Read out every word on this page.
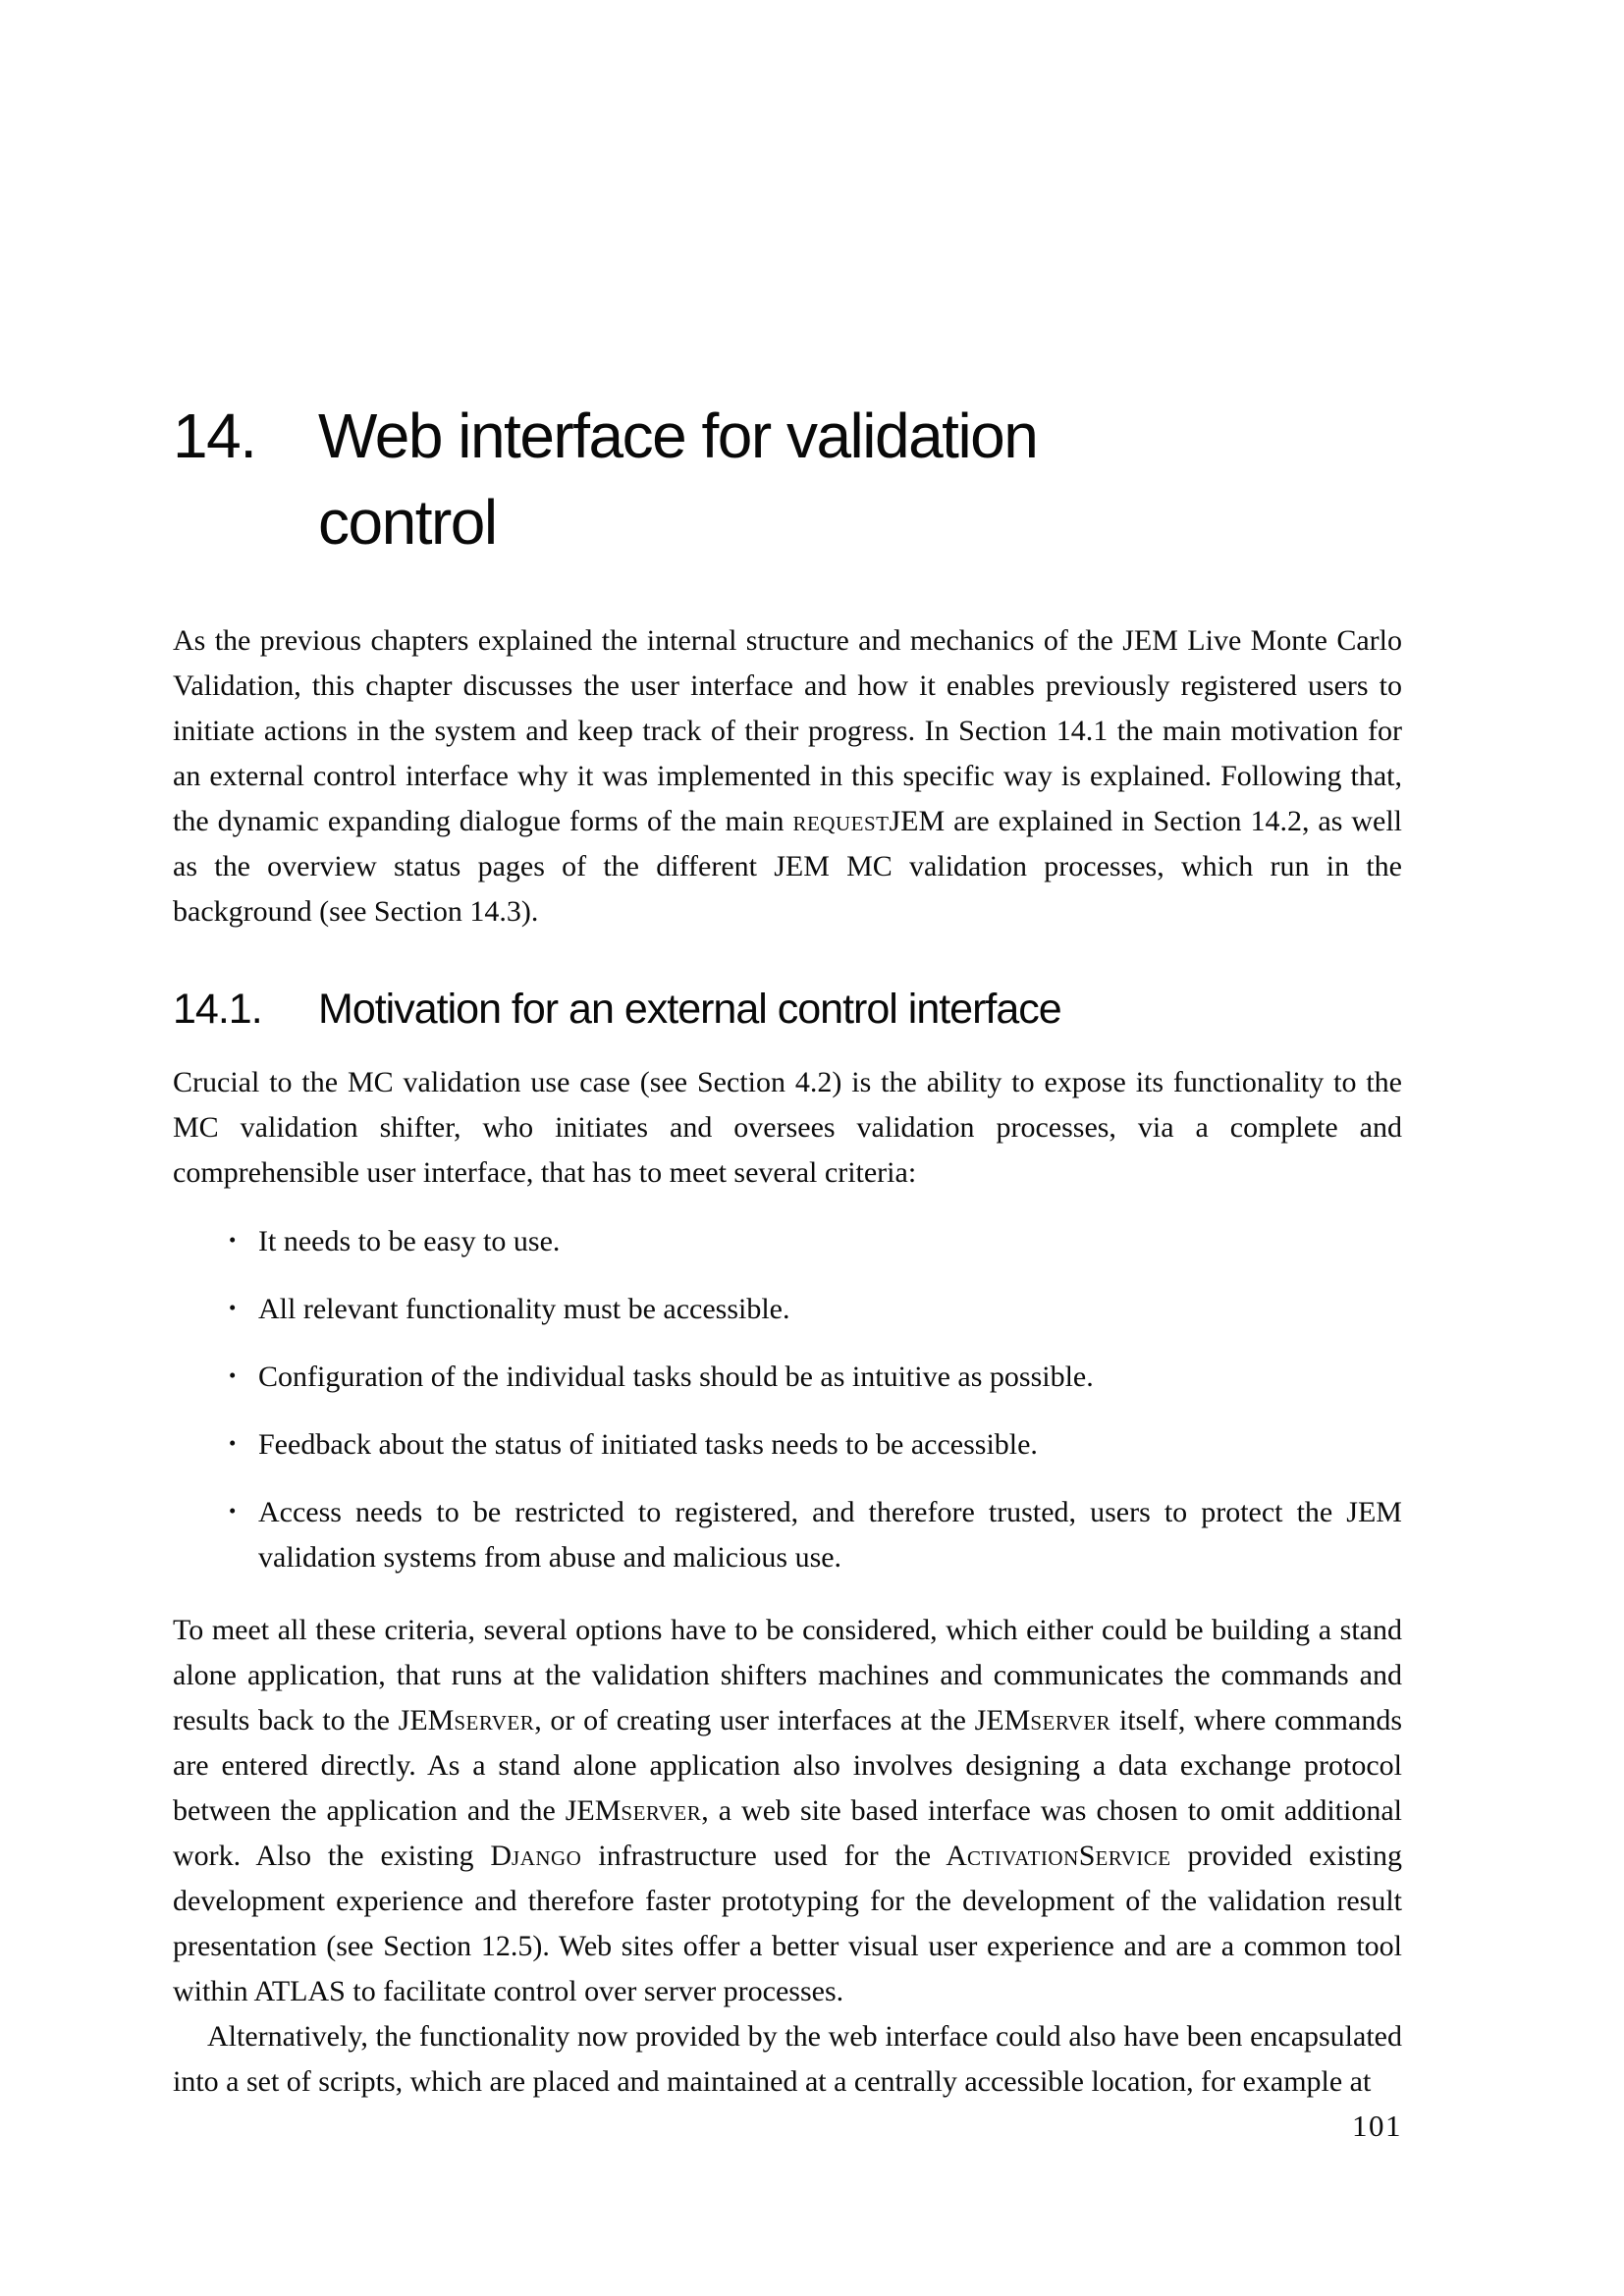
14. Web interface for validation
control

As the previous chapters explained the internal structure and mechanics of the JEM Live Monte Carlo Validation, this chapter discusses the user interface and how it enables previously registered users to initiate actions in the system and keep track of their progress. In Section 14.1 the main motivation for an external control interface why it was implemented in this specific way is explained. Following that, the dynamic expanding dialogue forms of the main requestJEM are explained in Section 14.2, as well as the overview status pages of the different JEM MC validation processes, which run in the background (see Section 14.3).

14.1.	Motivation for an external control interface

Crucial to the MC validation use case (see Section 4.2) is the ability to expose its functionality to the MC validation shifter, who initiates and oversees validation processes, via a complete and comprehensible user interface, that has to meet several criteria:

• It needs to be easy to use.
• All relevant functionality must be accessible.
• Configuration of the individual tasks should be as intuitive as possible.
• Feedback about the status of initiated tasks needs to be accessible.
• Access needs to be restricted to registered, and therefore trusted, users to protect the JEM validation systems from abuse and malicious use.

To meet all these criteria, several options have to be considered, which either could be building a stand alone application, that runs at the validation shifters machines and communicates the commands and results back to the JEMserver, or of creating user interfaces at the JEMserver itself, where commands are entered directly. As a stand alone application also involves designing a data exchange protocol between the application and the JEMserver, a web site based interface was chosen to omit additional work. Also the existing Django infrastructure used for the ActivationService provided existing development experience and therefore faster prototyping for the development of the validation result presentation (see Section 12.5). Web sites offer a better visual user experience and are a common tool within ATLAS to facilitate control over server processes.

Alternatively, the functionality now provided by the web interface could also have been encapsulated into a set of scripts, which are placed and maintained at a centrally accessible location, for example at

101
